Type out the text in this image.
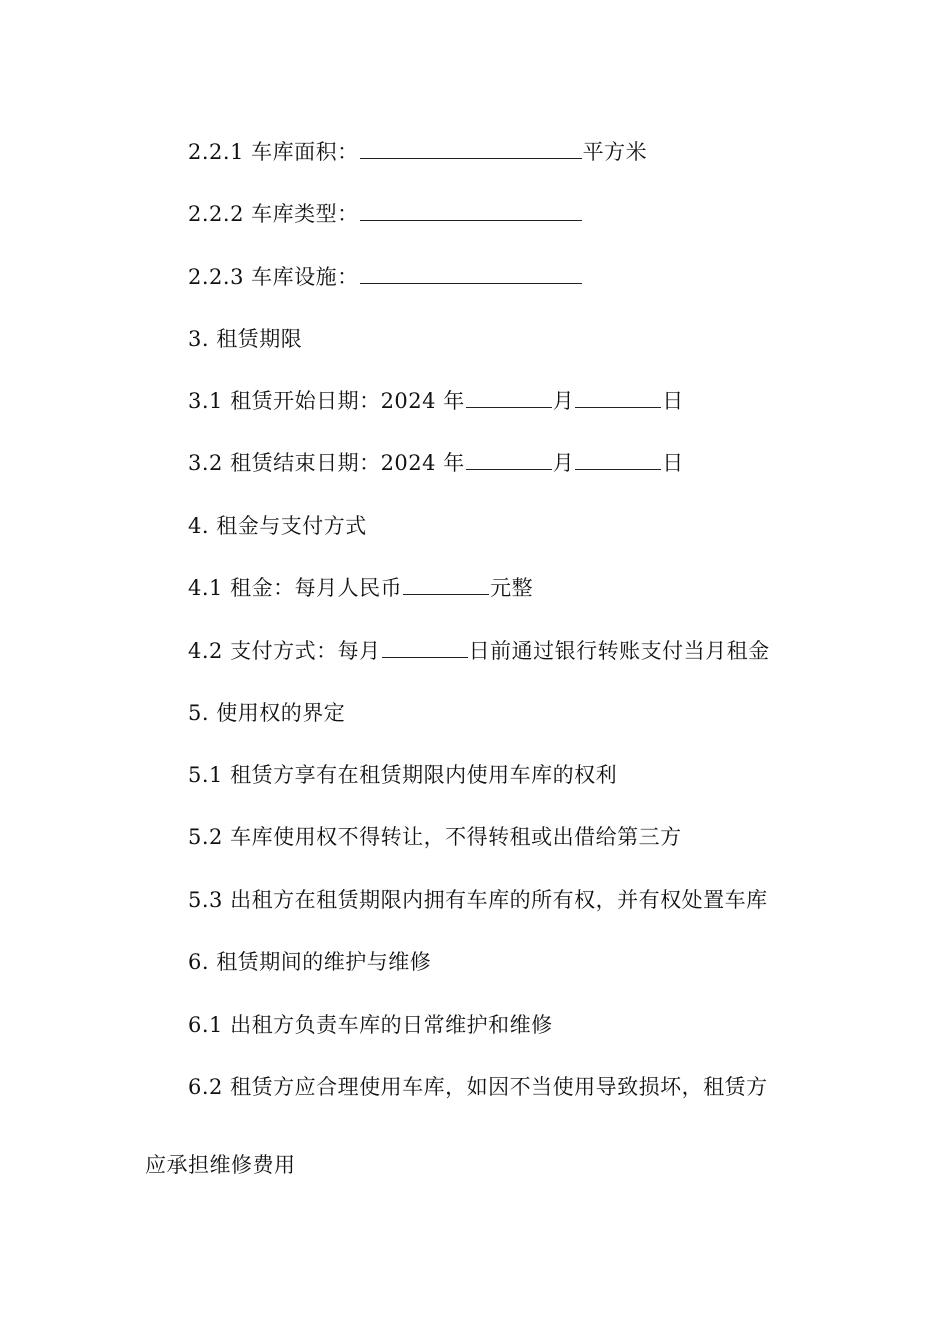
2.2.1 车库面积：	平方米
2.2.2 车库类型：
2.2.3 车库设施：
3. 租赁期限
3.1 租赁开始日期：2024 年	月	日
3.2 租赁结束日期：2024 年	月	日
4. 租金与支付方式
4.1 租金：每月人民币	元整
4.2 支付方式：每月	日前通过银行转账支付当月租金
5. 使用权的界定
5.1 租赁方享有在租赁期限内使用车库的权利
5.2 车库使用权不得转让，不得转租或出借给第三方
5.3 出租方在租赁期限内拥有车库的所有权，并有权处置车库
6. 租赁期间的维护与维修
6.1 出租方负责车库的日常维护和维修
6.2 租赁方应合理使用车库，如因不当使用导致损坏，租赁方
应承担维修费用
